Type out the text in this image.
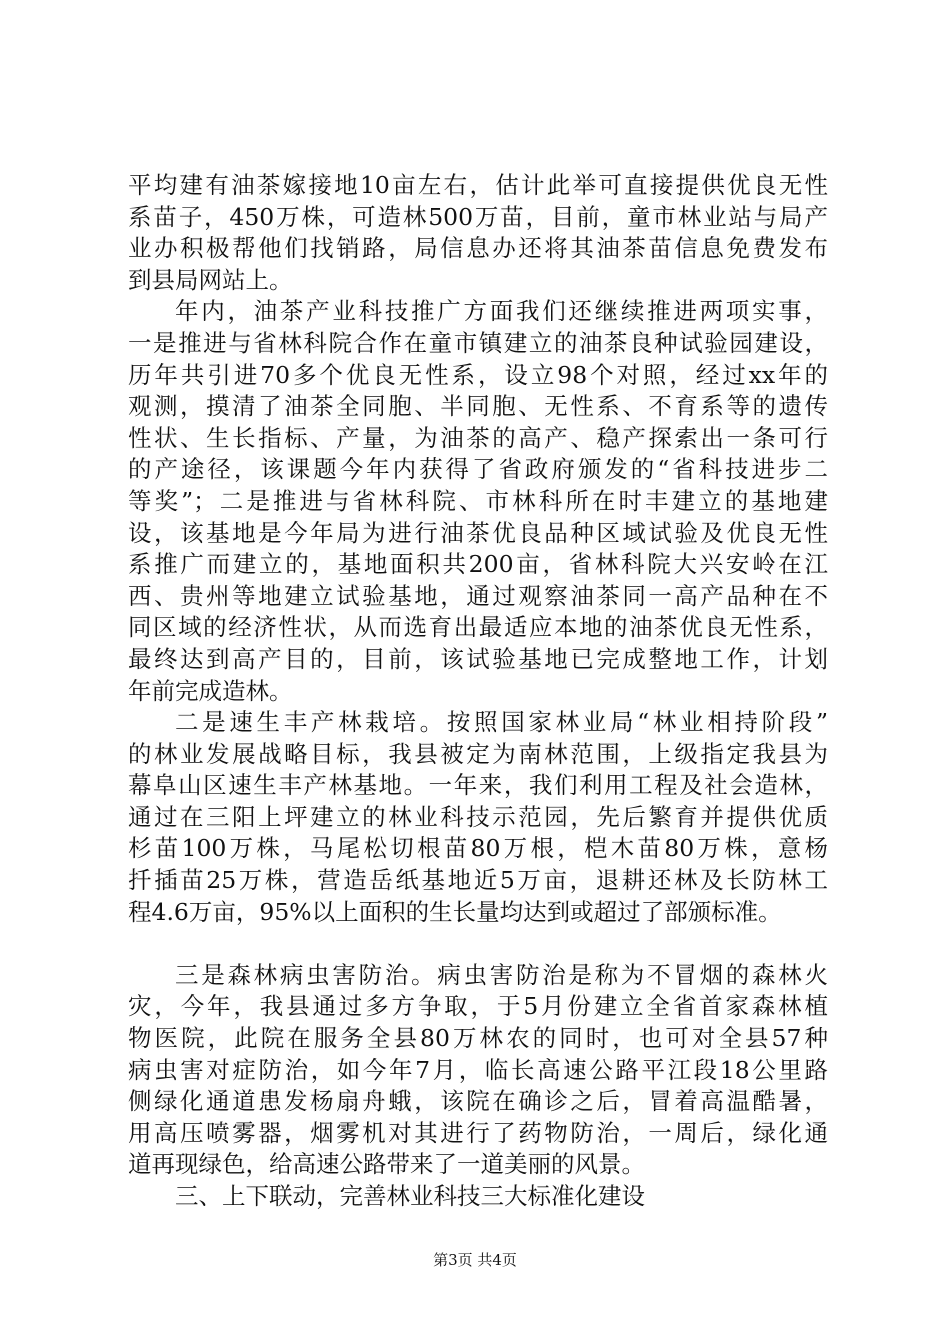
平均建有油茶嫁接地10亩左右，估计此举可直接提供优良无性
系苗子，450万株，可造林500万苗，目前，童市林业站与局产
业办积极帮他们找销路，局信息办还将其油茶苗信息免费发布
到县局网站上。
年内，油茶产业科技推广方面我们还继续推进两项实事，
一是推进与省林科院合作在童市镇建立的油茶良种试验园建设，
历年共引进70多个优良无性系，设立98个对照，经过xx年的
观测，摸清了油茶全同胞、半同胞、无性系、不育系等的遗传
性状、生长指标、产量，为油茶的高产、稳产探索出一条可行
的产途径，该课题今年内获得了省政府颁发的“省科技进步二
等奖”；二是推进与省林科院、市林科所在时丰建立的基地建
设，该基地是今年局为进行油茶优良品种区域试验及优良无性
系推广而建立的，基地面积共200亩，省林科院大兴安岭在江
西、贵州等地建立试验基地，通过观察油茶同一高产品种在不
同区域的经济性状，从而选育出最适应本地的油茶优良无性系，
最终达到高产目的，目前，该试验基地已完成整地工作，计划
年前完成造林。
二是速生丰产林栽培。按照国家林业局“林业相持阶段”
的林业发展战略目标，我县被定为南林范围，上级指定我县为
幕阜山区速生丰产林基地。一年来，我们利用工程及社会造林，
通过在三阳上坪建立的林业科技示范园，先后繁育并提供优质
杉苗100万株，马尾松切根苗80万根，桤木苗80万株，意杨
扦插苗25万株，营造岳纸基地近5万亩，退耕还林及长防林工
程4.6万亩，95%以上面积的生长量均达到或超过了部颁标准。
三是森林病虫害防治。病虫害防治是称为不冒烟的森林火
灾，今年，我县通过多方争取，于5月份建立全省首家森林植
物医院，此院在服务全县80万林农的同时，也可对全县57种
病虫害对症防治，如今年7月，临长高速公路平江段18公里路
侧绿化通道患发杨扇舟蛾，该院在确诊之后，冒着高温酷暑，
用高压喷雾器，烟雾机对其进行了药物防治，一周后，绿化通
道再现绿色，给高速公路带来了一道美丽的风景。
三、上下联动，完善林业科技三大标准化建设
第3页 共4页
